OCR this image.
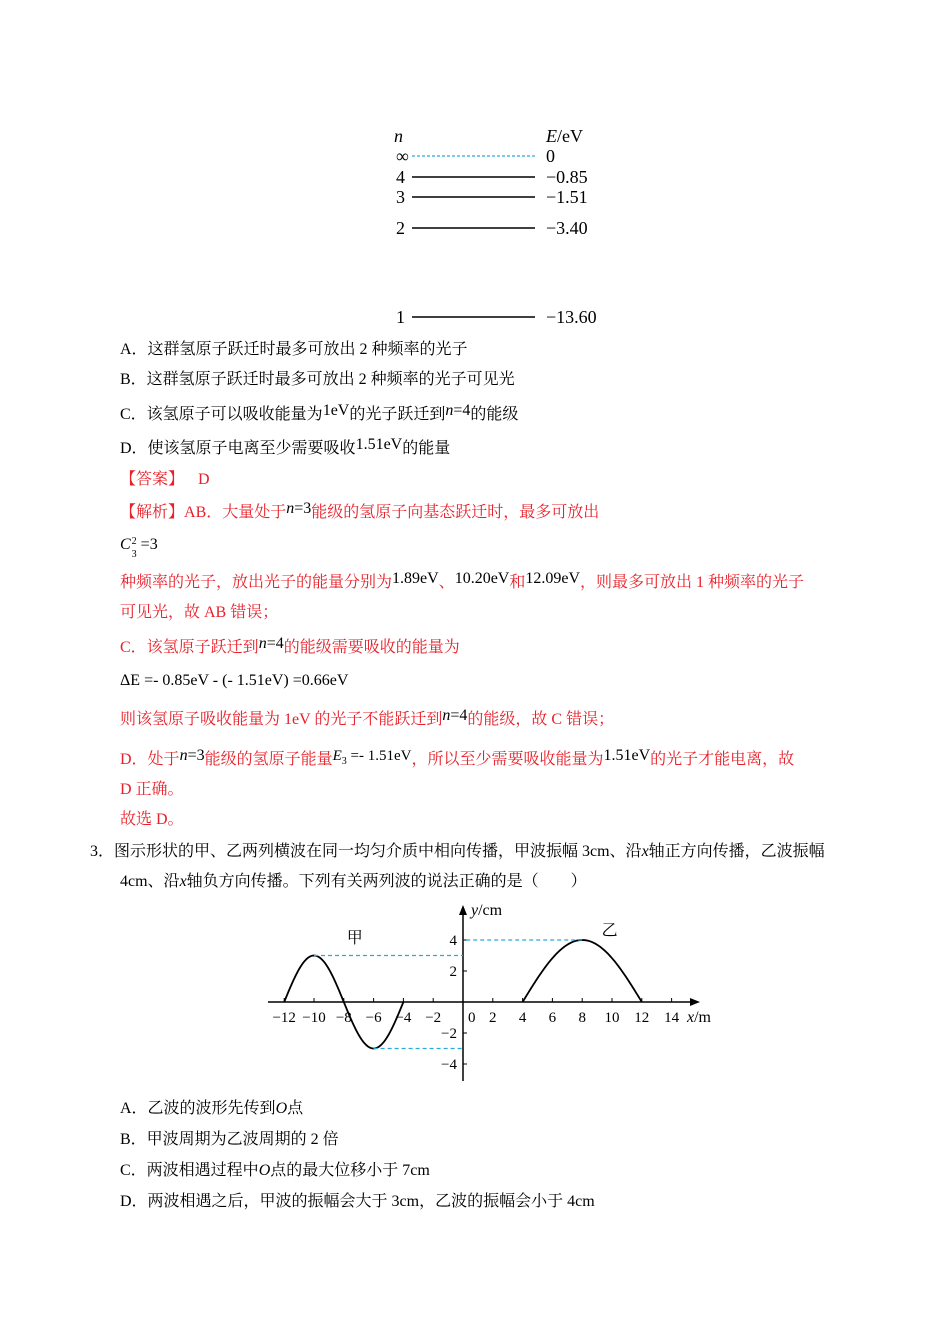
n	E/eV
∞	0
4	−0.85
3	−1.51
2	−3.40
1	−13.60
A．这群氢原子跃迁时最多可放出 2 种频率的光子
B．这群氢原子跃迁时最多可放出 2 种频率的光子可见光
C．该氢原子可以吸收能量为1eV的光子跃迁到n=4的能级
D．使该氢原子电离至少需要吸收1.51eV的能量
【答案】 D
【解析】AB．大量处于n=3能级的氢原子向基态跃迁时，最多可放出
C 2
3
=3
种频率的光子，放出光子的能量分别为1.89eV、10.20eV和12.09eV，则最多可放出 1 种频率的光子
可见光，故 AB 错误；
C．该氢原子跃迁到n=4的能级需要吸收的能量为
ΔE =- 0.85eV - (- 1.51eV) =0.66eV
则该氢原子吸收能量为 1eV 的光子不能跃迁到n=4的能级，故 C 错误；
D．处于n=3能级的氢原子能量$E_3 =- 1.51eV$，所以至少需要吸收能量为1.51eV的光子才能电离，故
D 正确。
故选 D。
3．图示形状的甲、乙两列横波在同一均匀介质中相向传播，甲波振幅 3cm、沿x轴正方向传播，乙波振幅
4cm、沿x轴负方向传播。下列有关两列波的说法正确的是（　　）
y/cm
x/m
−12 −10 −8 −6 −4 −2 0 2 4 6 8 10 12 14
4
2
−2
−4
甲	乙
A．乙波的波形先传到O点
B．甲波周期为乙波周期的 2 倍
C．两波相遇过程中O点的最大位移小于 7cm
D．两波相遇之后，甲波的振幅会大于 3cm，乙波的振幅会小于 4cm
